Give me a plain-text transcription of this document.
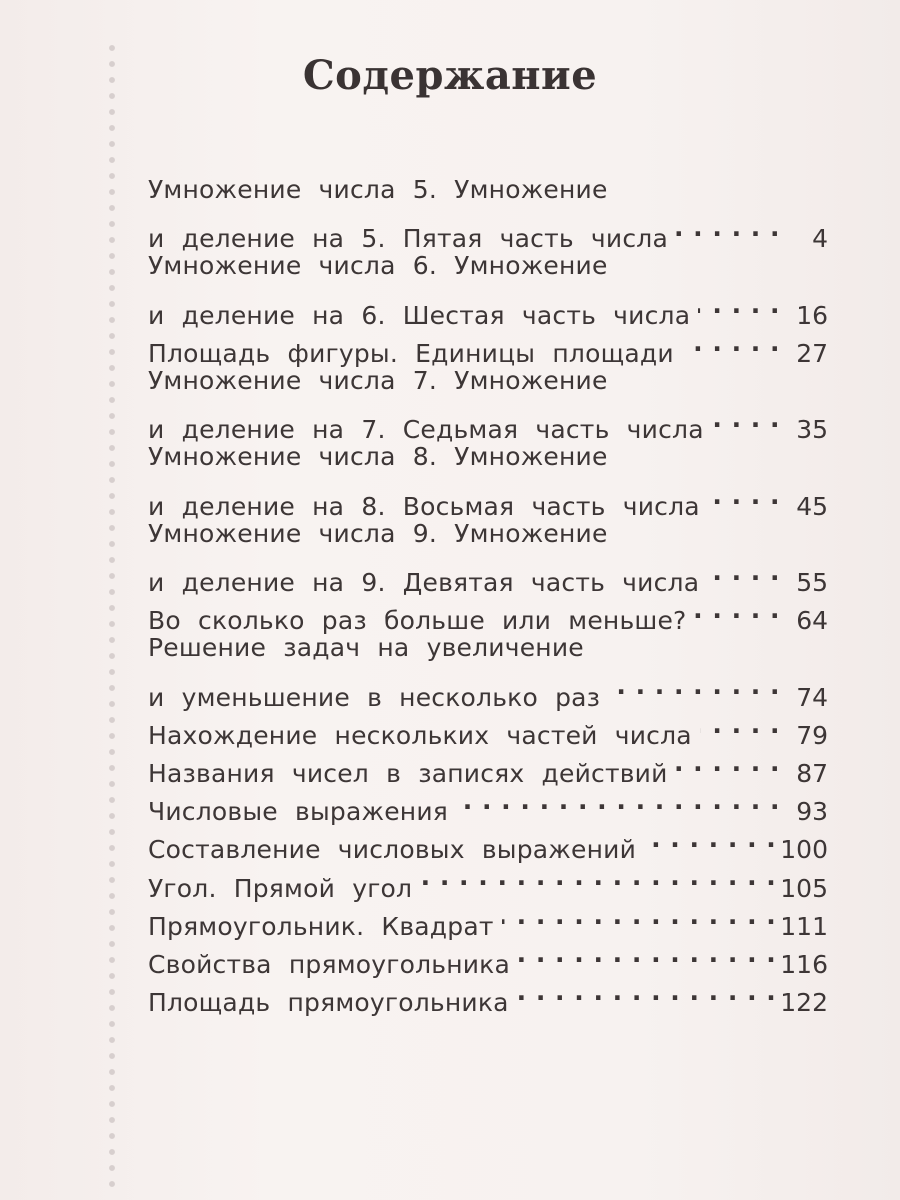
Содержание
Умножение числа 5. Умножение
и деление на 5. Пятая часть числа . . .	4
Умножение числа 6. Умножение
и деление на 6. Шестая часть числа . . .	16
Площадь фигуры. Единицы площади . . .	27
Умножение числа 7. Умножение
и деление на 7. Седьмая часть числа . . .	35
Умножение числа 8. Умножение
и деление на 8. Восьмая часть числа . . .	45
Умножение числа 9. Умножение
и деление на 9. Девятая часть числа . . .	55
Во сколько раз больше или меньше? . . .	64
Решение задач на увеличение
и уменьшение в несколько раз . . .	74
Нахождение нескольких частей числа . . .	79
Названия чисел в записях действий . . .	87
Числовые выражения . . .	93
Составление числовых выражений . . .	100
Угол. Прямой угол . . .	105
Прямоугольник. Квадрат . . .	111
Свойства прямоугольника . . .	116
Площадь прямоугольника . . .	122
